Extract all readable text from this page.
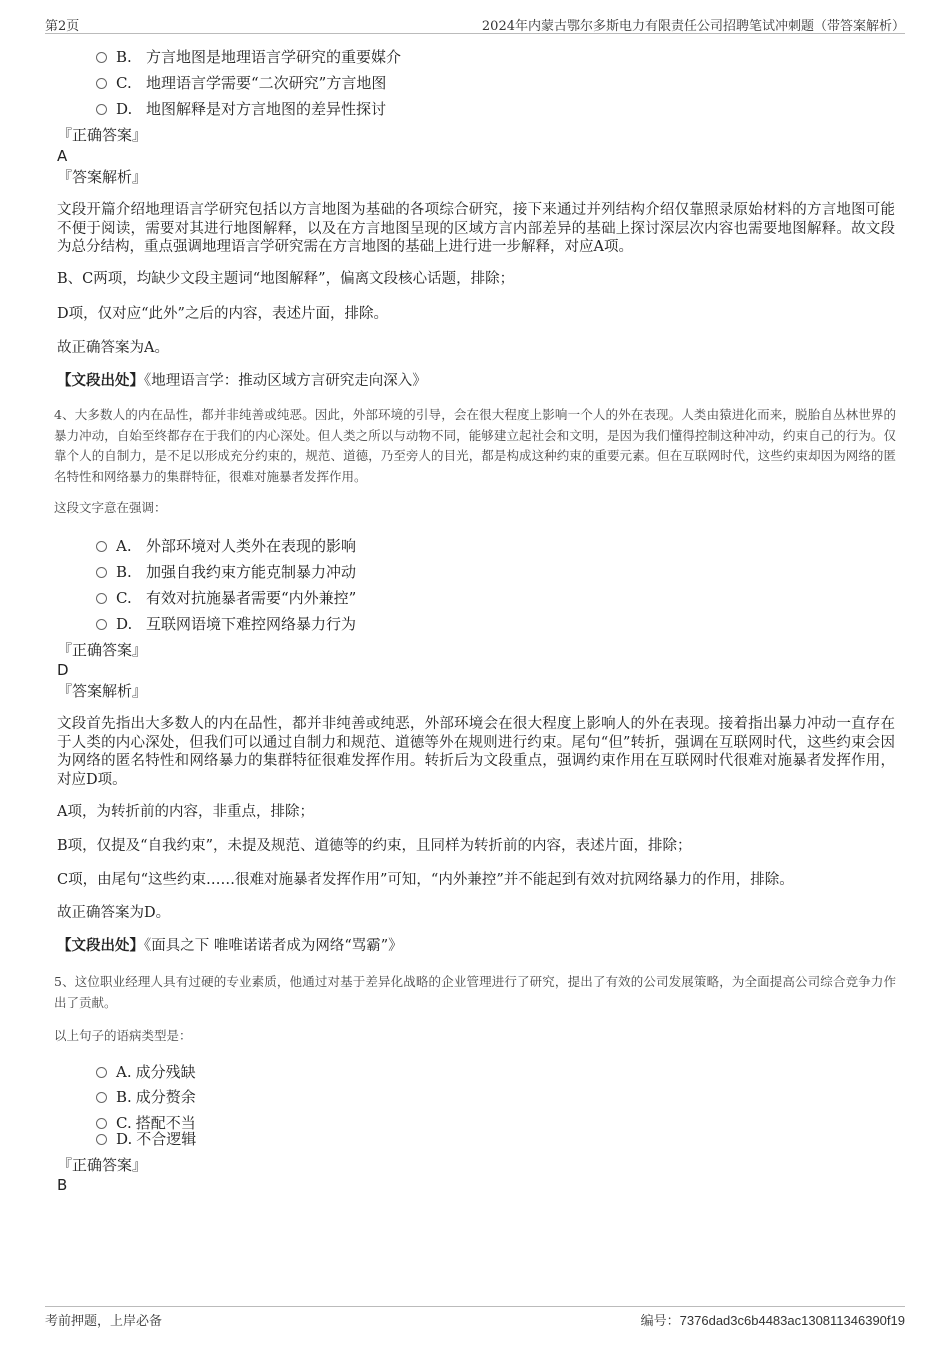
第2页	2024年内蒙古鄂尔多斯电力有限责任公司招聘笔试冲刺题（带答案解析）
B. 方言地图是地理语言学研究的重要媒介
C. 地理语言学需要“二次研究”方言地图
D. 地图解释是对方言地图的差异性探讨
『正确答案』
A
『答案解析』
文段开篇介绍地理语言学研究包括以方言地图为基础的各项综合研究，接下来通过并列结构介绍仅靠照录原始材料的方言地图可能不便于阅读，需要对其进行地图解释，以及在方言地图呈现的区域方言内部差异的基础上探讨深层次内容也需要地图解释。故文段为总分结构，重点强调地理语言学研究需在方言地图的基础上进行进一步解释，对应A项。
B、C两项，均缺少文段主题词“地图解释”，偏离文段核心话题，排除；
D项，仅对应“此外”之后的内容，表述片面，排除。
故正确答案为A。
【文段出处】《地理语言学：推动区域方言研究走向深入》
4、大多数人的内在品性，都并非纯善或纯恶。因此，外部环境的引导，会在很大程度上影响一个人的外在表现。人类由猿进化而来，脱胎自丛林世界的暴力冲动，自始至终都存在于我们的内心深处。但人类之所以与动物不同，能够建立起社会和文明，是因为我们懂得控制这种冲动，约束自己的行为。仅靠个人的自制力，是不足以形成充分约束的，规范、道德，乃至旁人的目光，都是构成这种约束的重要元素。但在互联网时代，这些约束却因为网络的匿名特性和网络暴力的集群特征，很难对施暴者发挥作用。
这段文字意在强调：
A. 外部环境对人类外在表现的影响
B. 加强自我约束方能克制暴力冲动
C. 有效对抗施暴者需要“内外兼控”
D. 互联网语境下难控网络暴力行为
『正确答案』
D
『答案解析』
文段首先指出大多数人的内在品性，都并非纯善或纯恶，外部环境会在很大程度上影响人的外在表现。接着指出暴力冲动一直存在于人类的内心深处，但我们可以通过自制力和规范、道德等外在规则进行约束。尾句“但”转折，强调在互联网时代，这些约束会因为网络的匿名特性和网络暴力的集群特征很难发挥作用。转折后为文段重点，强调约束作用在互联网时代很难对施暴者发挥作用，对应D项。
A项，为转折前的内容，非重点，排除；
B项，仅提及“自我约束”，未提及规范、道德等的约束，且同样为转折前的内容，表述片面，排除；
C项，由尾句“这些约束……很难对施暴者发挥作用”可知，“内外兼控”并不能起到有效对抗网络暴力的作用，排除。
故正确答案为D。
【文段出处】《面具之下 唯唯诺诺者成为网络“骂霸”》
5、这位职业经理人具有过硬的专业素质，他通过对基于差异化战略的企业管理进行了研究，提出了有效的公司发展策略，为全面提高公司综合竞争力作出了贡献。
以上句子的语病类型是：
A. 成分残缺
B. 成分赘余
C. 搭配不当
D. 不合逻辑
『正确答案』
B
考前押题，上岸必备	编号：7376dad3c6b4483ac130811346390f19
